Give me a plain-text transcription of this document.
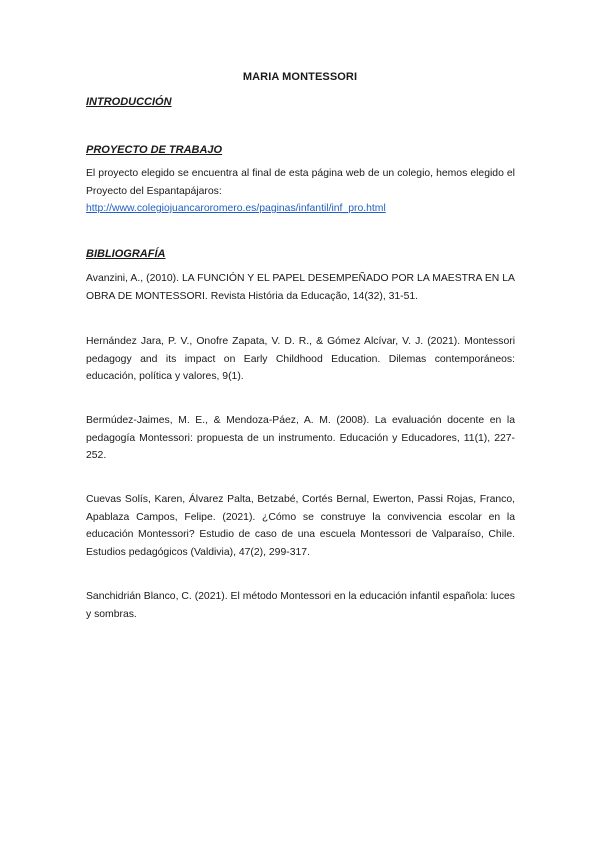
MARIA MONTESSORI
INTRODUCCIÓN
PROYECTO DE TRABAJO
El proyecto elegido se encuentra al final de esta página web de un colegio, hemos elegido el Proyecto del Espantapájaros:
http://www.colegiojuancaroromero.es/paginas/infantil/inf_pro.html
BIBLIOGRAFÍA
Avanzini, A., (2010). LA FUNCIÓN Y EL PAPEL DESEMPEÑADO POR LA MAESTRA EN LA OBRA DE MONTESSORI. Revista História da Educação, 14(32), 31-51.
Hernández Jara, P. V., Onofre Zapata, V. D. R., & Gómez Alcívar, V. J. (2021). Montessori pedagogy and its impact on Early Childhood Education. Dilemas contemporáneos: educación, política y valores, 9(1).
Bermúdez-Jaimes, M. E., & Mendoza-Páez, A. M. (2008). La evaluación docente en la pedagogía Montessori: propuesta de un instrumento. Educación y Educadores, 11(1), 227-252.
Cuevas Solís, Karen, Álvarez Palta, Betzabé, Cortés Bernal, Ewerton, Passi Rojas, Franco, Apablaza Campos, Felipe. (2021). ¿Cómo se construye la convivencia escolar en la educación Montessori? Estudio de caso de una escuela Montessori de Valparaíso, Chile. Estudios pedagógicos (Valdivia), 47(2), 299-317.
Sanchidrián Blanco, C. (2021). El método Montessori en la educación infantil española: luces y sombras.
